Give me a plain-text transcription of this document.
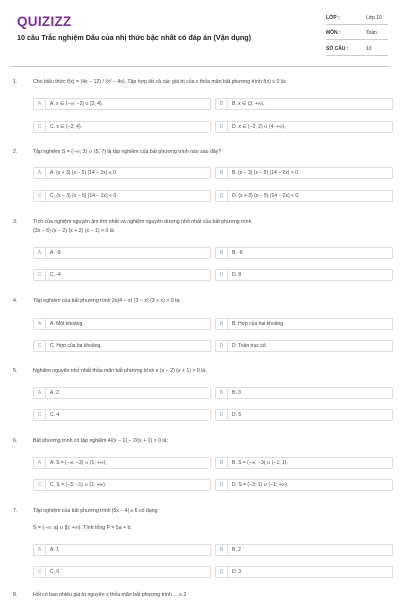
QUIZIZZ
10 câu Trắc nghiệm Dấu của nhị thức bậc nhất có đáp án (Vận dụng)
LỚP :	Lớp 10
MÔN :	Toán
SỐ CÂU :	10
1.	Cho biểu thức f(x) = (4x − 12) / (x² − 4x). Tập hợp tất cả các giá trị của x thỏa mãn bất phương trình f(x) ≥ 0 là:
A	A. x ∈ (−∞; −2] ∪ [2; 4).	B	B. x ∈ (3; +∞).
C	C. x ∈ (−2; 4).	D	D. x ∈ (−2; 2) ∪ (4; +∞).
2.	Tập nghiệm S = (−∞; 3) ∪ (5; 7) là tập nghiệm của bất phương trình nào sau đây?
A	A. (x + 3) (x − 5) (14 − 2x) ≤ 0.	B	B. (x − 3) (x − 5) (14 − 2x) > 0.
C	C. (x − 3) (x − 5) (14 − 2x) < 0.	D	D. (x + 3) (x − 5) (14 − 2x) < 0.
3.	Tích của nghiệm nguyên âm lớn nhất và nghiệm nguyên dương nhỏ nhất của bất phương trình
(3x − 6) (x − 2) (x + 2) (x − 1) > 0 là
A	A. -9	B	B. -6
C	C. -4	D	D. 8
4.	Tập nghiệm của bất phương trình 2x(4 − x) (3 − x) (3 + x) > 0 là:
A	A. Một khoảng.	B	B. Hợp của hai khoảng.
C	C. Hợp của ba khoảng.	D	D. Toàn trục số.
5.	Nghiệm nguyên nhỏ nhất thỏa mãn bất phương trình x (x − 2) (x + 1) > 0 là:
A	A. 2	B	B. 3
C	C. 4	D	D. 5
6.	Bất phương trình có tập nghiệm 4/(x − 1) − 2/(x + 1) < 0 là:
A	A. S = (−∞; −3) ∪ (1; +∞).	B	B. S = (−∞; −3) ∪ (−1; 1).
C	C. S = (−3; −1) ∪ (1; +∞).	D	D. S = (−3; 1) ∪ (−1; +∞).
7.	Tập nghiệm của bất phương trình |5x − 4| ≥ 6 có dạng
S = (−∞; a] ∪ [b; +∞). Tính tổng P = 5a + b.
A	A. 1	B	B. 2
C	C. 0	D	D. 3
8.	Hỏi có bao nhiêu giá trị nguyên x thỏa mãn bất phương trình ... ≥ 2
